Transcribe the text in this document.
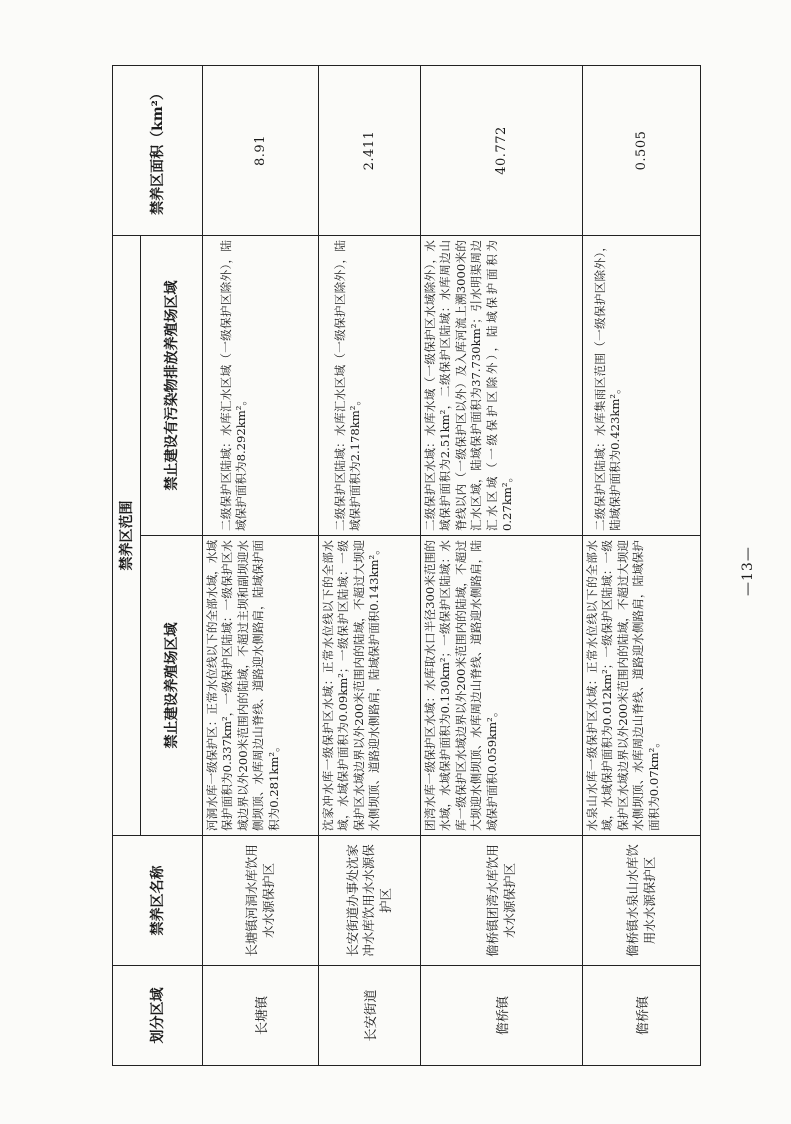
划分区域	禁养区名称	禁养区范围		禁养区面积（km²）
		禁止建设养殖场区域	禁止建设有污染物排放养殖场区域	
长塘镇	长塘镇河洞水库饮用水水源保护区	河洞水库一级保护区：正常水位线以下的全部水域，水域保护面积为0.337km²，一级保护区陆域：一级保护区水域边界以外200米范围内的陆域，不超过主坝和副坝迎水侧坝顶、水库周边山脊线、道路迎水侧路肩，陆域保护面积为0.281km²。	二级保护区陆域：水库汇水区域（一级保护区除外），陆域保护面积为8.292km²。	8.91
长安街道	长安街道办事处沈家冲水库饮用水水源保护区	沈家冲水库一级保护区水域：正常水位线以下的全部水域，水域保护面积为0.09km²；一级保护区陆域：一级保护区水域边界以外200米范围内的陆域，不超过大坝迎水侧坝顶、道路迎水侧路肩，陆域保护面积0.143km²。	二级保护区陆域：水库汇水区域（一级保护区除外），陆域保护面积为2.178km²。	2.411
儋桥镇	儋桥镇团湾水库饮用水水源保护区	团湾水库一级保护区水域：水库取水口半径300米范围的水域，水域保护面积为0.130km²；一级保护区陆域：水库一级保护区水域边界以外200米范围内的陆域，不超过大坝迎水侧坝顶、水库周边山脊线、道路迎水侧路肩，陆域保护面积0.059km²。	二级保护区水域：水库水域（一级保护区水域除外），水域保护面积为2.51km²，二级保护区陆域：水库周边山脊线以内（一级保护区以外）及入库河流上溯3000米的汇水区域，陆域保护面积为37.730km²；引水明渠周边汇水区域（一级保护区除外），陆域保护面积为0.27km²。	40.772
儋桥镇	儋桥镇水泉山水库饮用水水源保护区	水泉山水库一级保护区水域：正常水位线以下的全部水域，水域保护面积为0.012km²；一级保护区陆域：一级保护区水域边界以外200米范围内的陆域，不超过大坝迎水侧坝顶、水库周边山脊线、道路迎水侧路肩，陆域保护面积为0.07km²。	二级保护区陆域：水库集雨区范围（一级保护区除外），陆域保护面积为0.423km²。	0.505
—13—
